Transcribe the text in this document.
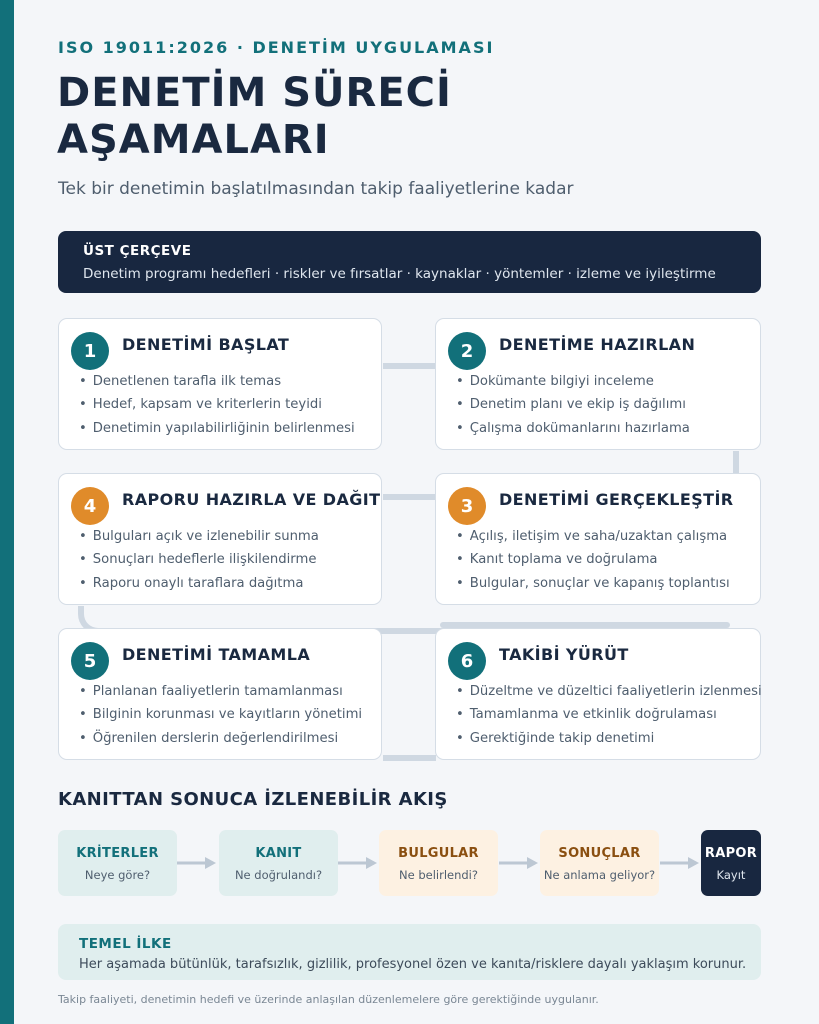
ISO 19011:2026 · DENETİM UYGULAMASI
DENETİM SÜRECİ
AŞAMALARI
Tek bir denetimin başlatılmasından takip faaliyetlerine kadar
ÜST ÇERÇEVE
Denetim programı hedefleri · riskler ve fırsatlar · kaynaklar · yöntemler · izleme ve iyileştirme
1	DENETİMİ BAŞLAT
• Denetlenen tarafla ilk temas
• Hedef, kapsam ve kriterlerin teyidi
• Denetimin yapılabilirliğinin belirlenmesi
2	DENETİME HAZIRLAN
• Dokümante bilgiyi inceleme
• Denetim planı ve ekip iş dağılımı
• Çalışma dokümanlarını hazırlama
3	DENETİMİ GERÇEKLEŞTİR
• Açılış, iletişim ve saha/uzaktan çalışma
• Kanıt toplama ve doğrulama
• Bulgular, sonuçlar ve kapanış toplantısı
4	RAPORU HAZIRLA VE DAĞIT
• Bulguları açık ve izlenebilir sunma
• Sonuçları hedeflerle ilişkilendirme
• Raporu onaylı taraflara dağıtma
5	DENETİMİ TAMAMLA
• Planlanan faaliyetlerin tamamlanması
• Bilginin korunması ve kayıtların yönetimi
• Öğrenilen derslerin değerlendirilmesi
6	TAKİBİ YÜRÜT
• Düzeltme ve düzeltici faaliyetlerin izlenmesi
• Tamamlanma ve etkinlik doğrulaması
• Gerektiğinde takip denetimi
KANITTAN SONUCA İZLENEBİLİR AKIŞ
KRİTERLER
Neye göre?
KANIT
Ne doğrulandı?
BULGULAR
Ne belirlendi?
SONUÇLAR
Ne anlama geliyor?
RAPOR
Kayıt
TEMEL İLKE
Her aşamada bütünlük, tarafsızlık, gizlilik, profesyonel özen ve kanıta/risklere dayalı yaklaşım korunur.
Takip faaliyeti, denetimin hedefi ve üzerinde anlaşılan düzenlemelere göre gerektiğinde uygulanır.
